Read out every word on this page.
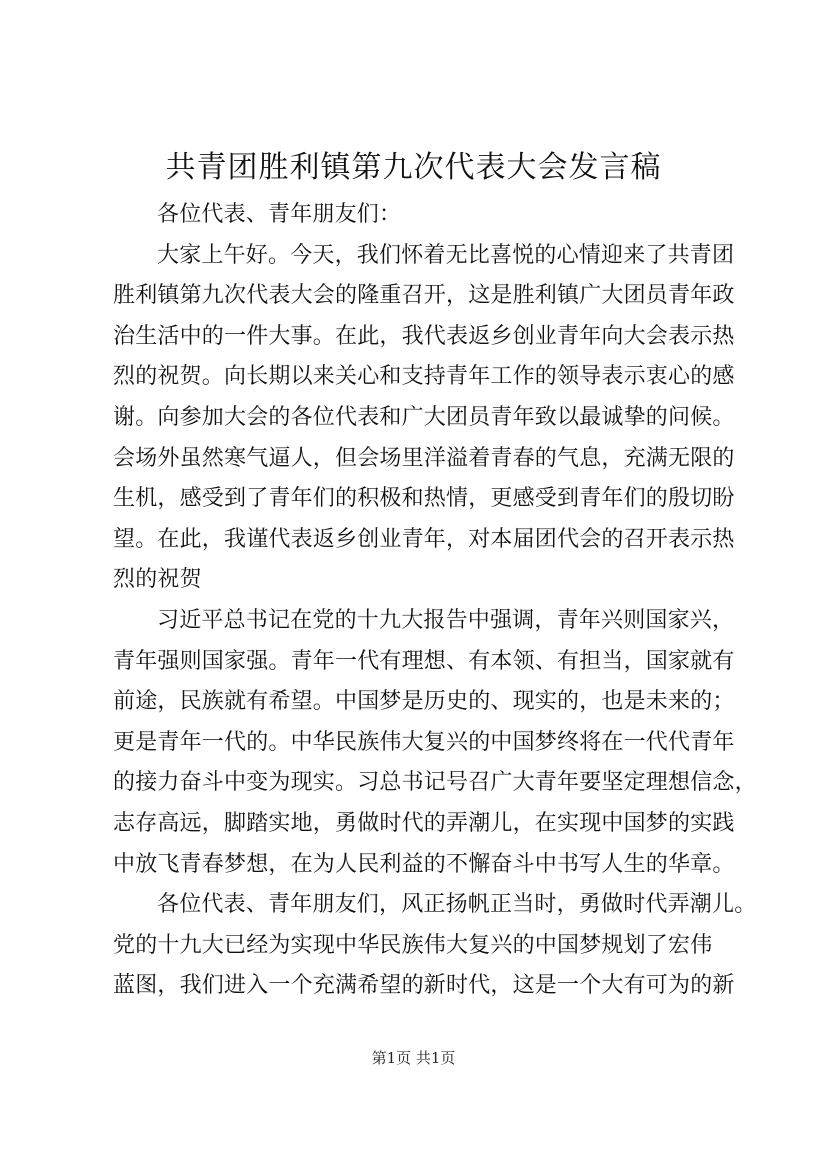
共青团胜利镇第九次代表大会发言稿
各位代表、青年朋友们：
大家上午好。今天，我们怀着无比喜悦的心情迎来了共青团
胜利镇第九次代表大会的隆重召开，这是胜利镇广大团员青年政
治生活中的一件大事。在此，我代表返乡创业青年向大会表示热
烈的祝贺。向长期以来关心和支持青年工作的领导表示衷心的感
谢。向参加大会的各位代表和广大团员青年致以最诚挚的问候。
会场外虽然寒气逼人，但会场里洋溢着青春的气息，充满无限的
生机，感受到了青年们的积极和热情，更感受到青年们的殷切盼
望。在此，我谨代表返乡创业青年，对本届团代会的召开表示热
烈的祝贺
习近平总书记在党的十九大报告中强调，青年兴则国家兴，
青年强则国家强。青年一代有理想、有本领、有担当，国家就有
前途，民族就有希望。中国梦是历史的、现实的，也是未来的；
更是青年一代的。中华民族伟大复兴的中国梦终将在一代代青年
的接力奋斗中变为现实。习总书记号召广大青年要坚定理想信念，
志存高远，脚踏实地，勇做时代的弄潮儿，在实现中国梦的实践
中放飞青春梦想，在为人民利益的不懈奋斗中书写人生的华章。
各位代表、青年朋友们，风正扬帆正当时，勇做时代弄潮儿。
党的十九大已经为实现中华民族伟大复兴的中国梦规划了宏伟
蓝图，我们进入一个充满希望的新时代，这是一个大有可为的新
第1页 共1页
